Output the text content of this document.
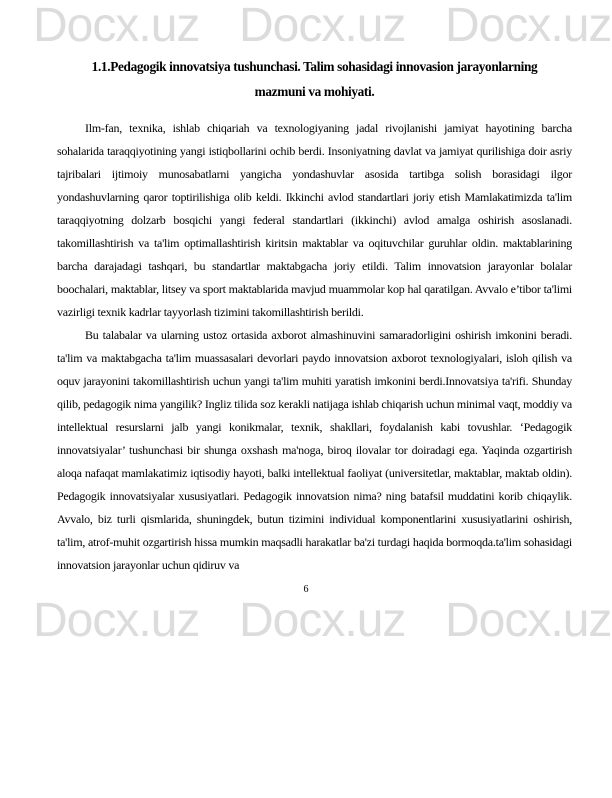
Docx.uz Docx.uz Docx.uz
1.1.Pedagogik innovatsiya tushunchasi. Talim sohasidagi innovasion jarayonlarning
mazmuni va mohiyati.

Ilm-fan, texnika, ishlab chiqariah va texnologiyaning jadal rivojlanishi jamiyat hayotining barcha sohalarida taraqqiyotining yangi istiqbollarini ochib berdi. Insoniyatning davlat va jamiyat qurilishiga doir asriy tajribalari ijtimoiy munosabatlarni yangicha yondashuvlar asosida tartibga solish borasidagi ilgor yondashuvlarning qaror toptirilishiga olib keldi. Ikkinchi avlod standartlari joriy etish Mamlakatimizda ta'lim taraqqiyotning dolzarb bosqichi yangi federal standartlari (ikkinchi) avlod amalga oshirish asoslanadi. takomillashtirish va ta'lim optimallashtirish kiritsin maktablar va oqituvchilar guruhlar oldin. maktablarining barcha darajadagi tashqari, bu standartlar maktabgacha joriy etildi. Talim innovatsion jarayonlar bolalar boochalari, maktablar, litsey va sport maktablarida mavjud muammolar kop hal qaratilgan. Avvalo e’tibor ta'limi vazirligi texnik kadrlar tayyorlash tizimini takomillashtirish berildi.

Bu talabalar va ularning ustoz ortasida axborot almashinuvini samaradorligini oshirish imkonini beradi. ta'lim va maktabgacha ta'lim muassasalari devorlari paydo innovatsion axborot texnologiyalari, isloh qilish va oquv jarayonini takomillashtirish uchun yangi ta'lim muhiti yaratish imkonini berdi.Innovatsiya ta'rifi. Shunday qilib, pedagogik nima yangilik? Ingliz tilida soz kerakli natijaga ishlab chiqarish uchun minimal vaqt, moddiy va intellektual resurslarni jalb yangi konikmalar, texnik, shakllari, foydalanish kabi tovushlar. ‘Pedagogik innovatsiyalar’ tushunchasi bir shunga oxshash ma'noga, biroq ilovalar tor doiradagi ega. Yaqinda ozgartirish aloqa nafaqat mamlakatimiz iqtisodiy hayoti, balki intellektual faoliyat (universitetlar, maktablar, maktab oldin). Pedagogik innovatsiyalar xususiyatlari. Pedagogik innovatsion nima? ning batafsil muddatini korib chiqaylik. Avvalo, biz turli qismlarida, shuningdek, butun tizimini individual komponentlarini xususiyatlarini oshirish, ta'lim, atrof-muhit ozgartirish hissa mumkin maqsadli harakatlar ba'zi turdagi haqida bormoqda.ta'lim sohasidagi innovatsion jarayonlar uchun qidiruv va

6
Docx.uz Docx.uz Docx.uz
